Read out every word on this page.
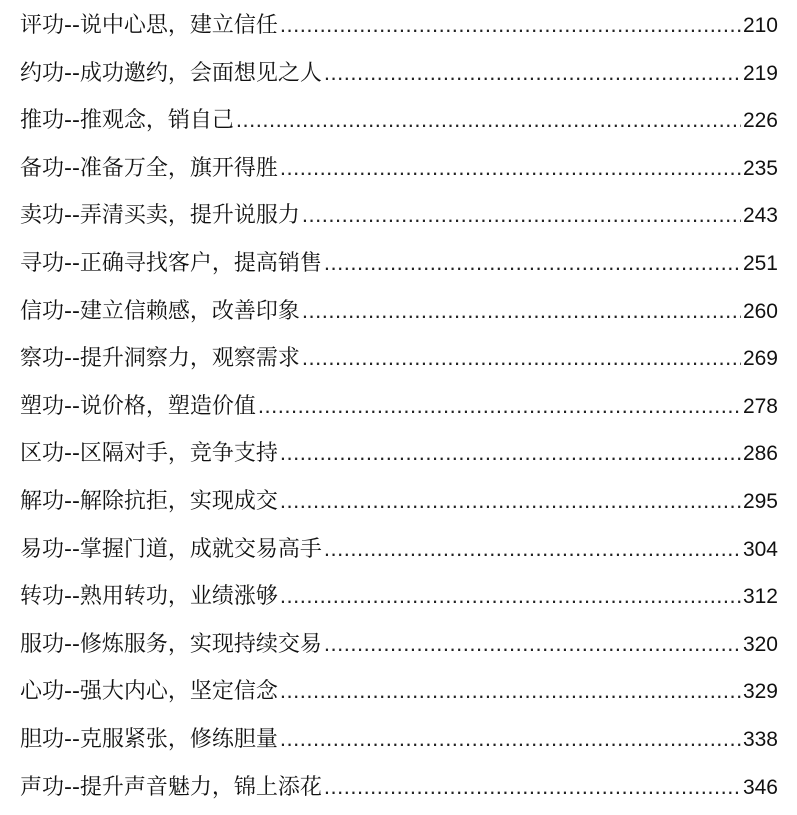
评功--说中心思，建立信任 .....	210
约功--成功邀约，会面想见之人 .....	219
推功--推观念，销自己 .....	226
备功--准备万全，旗开得胜 .....	235
卖功--弄清买卖，提升说服力 .....	243
寻功--正确寻找客户，提高销售 .....	251
信功--建立信赖感，改善印象 .....	260
察功--提升洞察力，观察需求 .....	269
塑功--说价格，塑造价值 .....	278
区功--区隔对手，竞争支持 .....	286
解功--解除抗拒，实现成交 .....	295
易功--掌握门道，成就交易高手 .....	304
转功--熟用转功，业绩涨够 .....	312
服功--修炼服务，实现持续交易 .....	320
心功--强大内心，坚定信念 .....	329
胆功--克服紧张，修练胆量 .....	338
声功--提升声音魅力，锦上添花 .....	346
